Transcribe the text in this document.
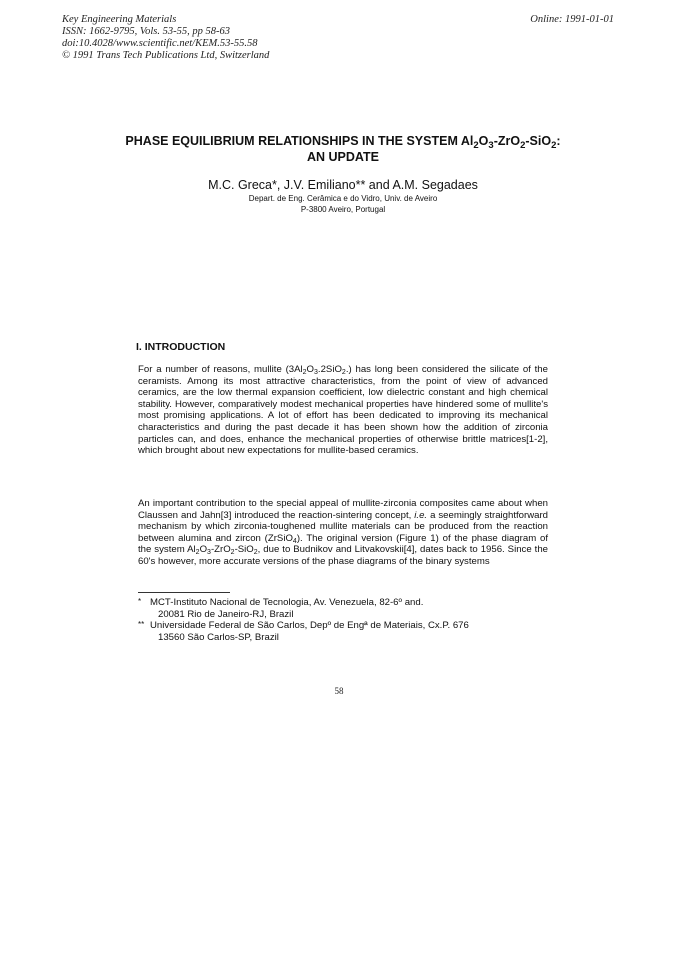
Key Engineering Materials
ISSN: 1662-9795, Vols. 53-55, pp 58-63
doi:10.4028/www.scientific.net/KEM.53-55.58
© 1991 Trans Tech Publications Ltd, Switzerland
Online: 1991-01-01
PHASE EQUILIBRIUM RELATIONSHIPS IN THE SYSTEM $Al_2O_3-ZrO_2-SiO_2$: AN UPDATE
M.C. Greca*, J.V. Emiliano** and A.M. Segadaes
Depart. de Eng. Cerâmica e do Vidro, Univ. de Aveiro
P-3800 Aveiro, Portugal
I. INTRODUCTION

For a number of reasons, mullite $(3Al_2O_3.2SiO_2.)$ has long been considered the silicate of the ceramists. Among its most attractive characteristics, from the point of view of advanced ceramics, are the low thermal expansion coefficient, low dielectric constant and high chemical stability. However, comparatively modest mechanical properties have hindered some of mullite's most promising applications. A lot of effort has been dedicated to improving its mechanical characteristics and during the past decade it has been shown how the addition of zirconia particles can, and does, enhance the mechanical properties of otherwise brittle matrices[1-2], which brought about new expectations for mullite-based ceramics.

An important contribution to the special appeal of mullite-zirconia composites came about when Claussen and Jahn[3] introduced the reaction-sintering concept, i.e. a seemingly straightforward mechanism by which zirconia-toughened mullite materials can be produced from the reaction between alumina and zircon (ZrSiO$_4$). The original version (Figure 1) of the phase diagram of the system $Al_2O_3-ZrO_2-SiO_2$, due to Budnikov and Litvakovskii[4], dates back to 1956. Since the 60's however, more accurate versions of the phase diagrams of the binary systems

* MCT-Instituto Nacional de Tecnologia, Av. Venezuela, 82-6º and.
20081 Rio de Janeiro-RJ, Brazil
** Universidade Federal de São Carlos, Depº de Engª de Materiais, Cx.P. 676
13560 São Carlos-SP, Brazil
58
